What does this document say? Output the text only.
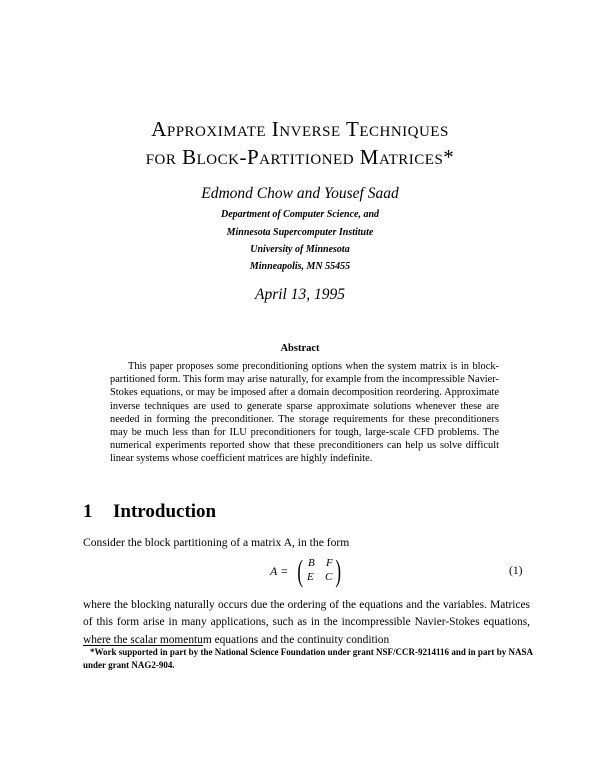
Approximate Inverse Techniques
for Block-Partitioned Matrices*
Edmond Chow and Yousef Saad
Department of Computer Science, and
Minnesota Supercomputer Institute
University of Minnesota
Minneapolis, MN 55455
April 13, 1995
Abstract
This paper proposes some preconditioning options when the system matrix is in block-partitioned form. This form may arise naturally, for example from the incompressible Navier-Stokes equations, or may be imposed after a domain decomposition reordering. Approximate inverse techniques are used to generate sparse approximate solutions whenever these are needed in forming the preconditioner. The storage requirements for these preconditioners may be much less than for ILU preconditioners for tough, large-scale CFD problems. The numerical experiments reported show that these preconditioners can help us solve difficult linear systems whose coefficient matrices are highly indefinite.
1 Introduction
Consider the block partitioning of a matrix A, in the form
A = ( B F
E C )	(1)
where the blocking naturally occurs due the ordering of the equations and the variables. Matrices of this form arise in many applications, such as in the incompressible Navier-Stokes equations, where the scalar momentum equations and the continuity condition
*Work supported in part by the National Science Foundation under grant NSF/CCR-9214116 and in part by NASA under grant NAG2-904.
